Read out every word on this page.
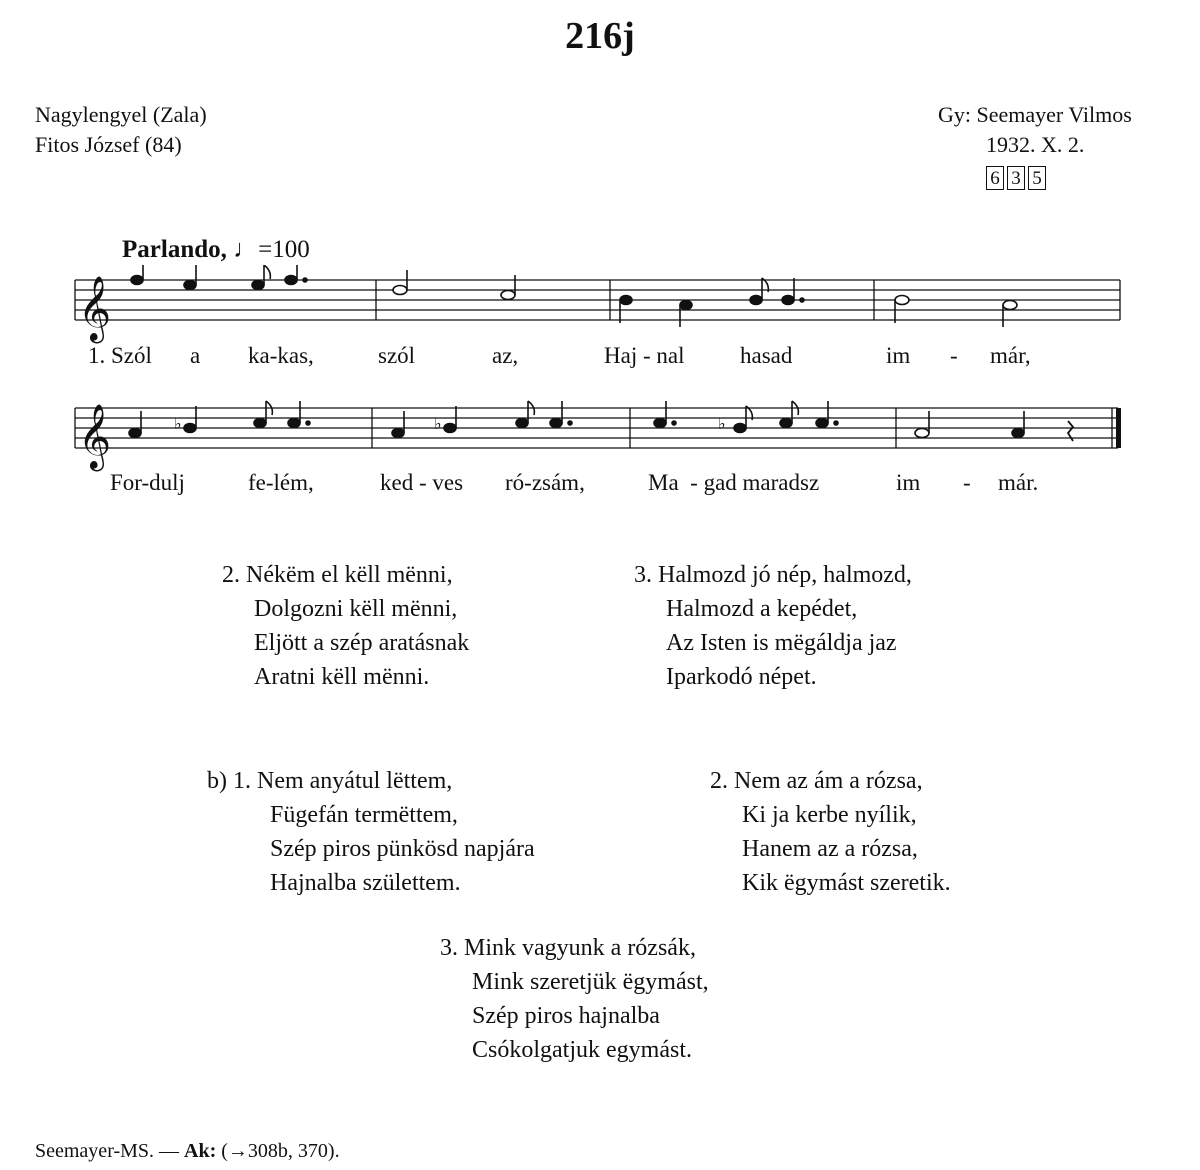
216j
Nagylengyel (Zala)
Fitos József (84)
Gy: Seemayer Vilmos
1932. X. 2.
6 3 5
Parlando, ♩=100
𝄞
1. Szól a ka-kas,	szól	az,	Haj - nal hasad	im - már,
𝄞	♭	♭	♭
For-dulj	fe-lém,	ked - ves ró-zsám,	Ma  - gad maradsz	im - már.
2. Nékëm el këll mënni,
Dolgozni këll mënni,
Eljött a szép aratásnak
Aratni këll mënni.
3. Halmozd jó nép, halmozd,
Halmozd a kepédet,
Az Isten is mëgáldja jaz
Iparkodó népet.
b) 1. Nem anyátul lëttem,
Fügefán termëttem,
Szép piros pünkösd napjára
Hajnalba születtem.
2. Nem az ám a rózsa,
Ki ja kerbe nyílik,
Hanem az a rózsa,
Kik ëgymást szeretik.
3. Mink vagyunk a rózsák,
Mink szeretjük ëgymást,
Szép piros hajnalba
Csókolgatjuk egymást.
Seemayer-MS. — Ak: (→308b, 370).
